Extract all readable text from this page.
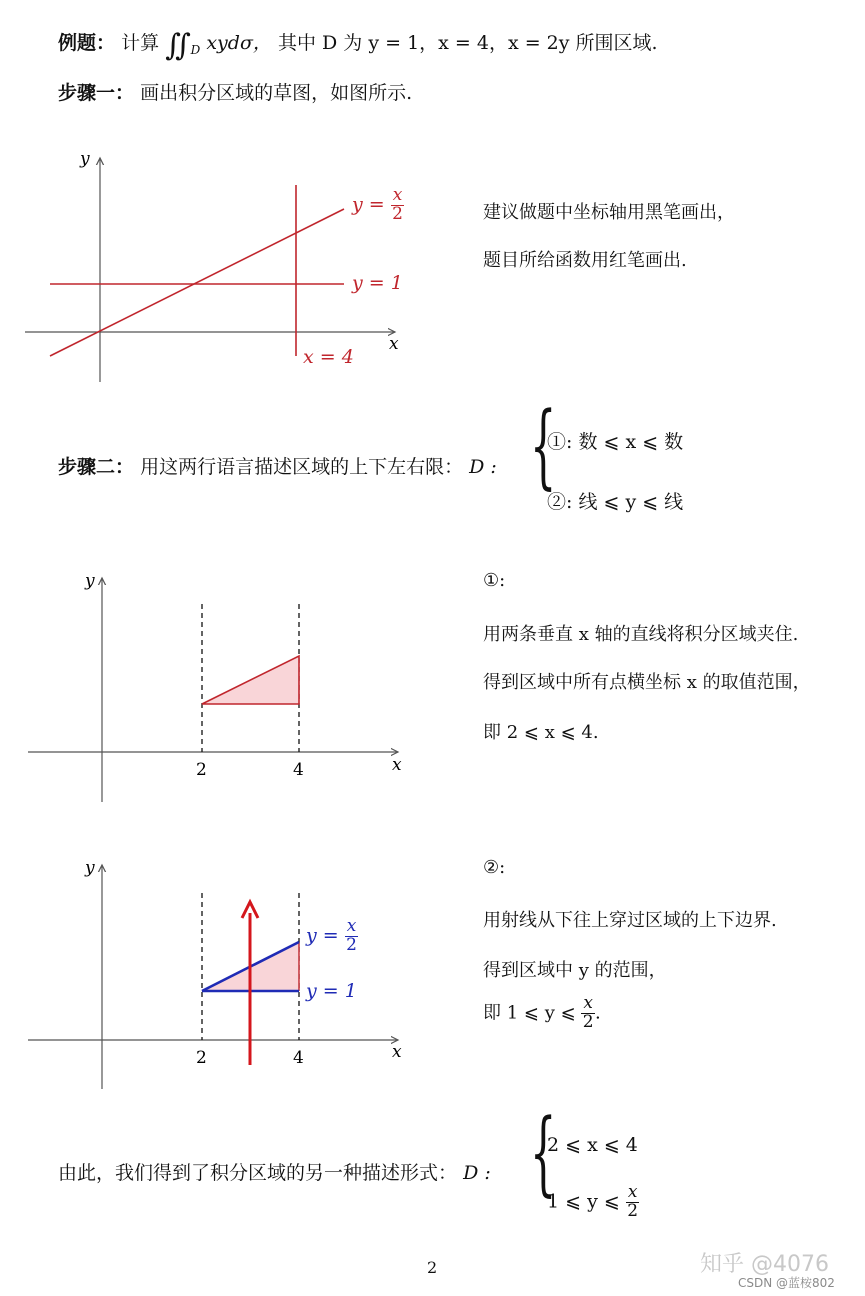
例题： 计算 $∬_D$ xydσ， 其中 D 为 y = 1，x = 4，x = 2y 所围区域.
步骤一： 画出积分区域的草图，如图所示.
y
x
$y = \frac{x}{2}$
y = 1
x = 4
建议做题中坐标轴用黑笔画出，
题目所给函数用红笔画出.
步骤二： 用这两行语言描述区域的上下左右限： D : {
①: 数 ⩽ x ⩽ 数
②: 线 ⩽ y ⩽ 线
y
x
2	4
①:
用两条垂直 x 轴的直线将积分区域夹住.
得到区域中所有点横坐标 x 的取值范围，
即 2 ⩽ x ⩽ 4.
y
x
2	4
$y = \frac{x}{2}$
y = 1
②:
用射线从下往上穿过区域的上下边界.
得到区域中 y 的范围，
即 1 ⩽ y ⩽ $\frac{x}{2}$ .
由此，我们得到了积分区域的另一种描述形式： D : {
2 ⩽ x ⩽ 4
1 ⩽ y ⩽ $\frac{x}{2}$
2	知乎 @4076
CSDN @蓝桉802
